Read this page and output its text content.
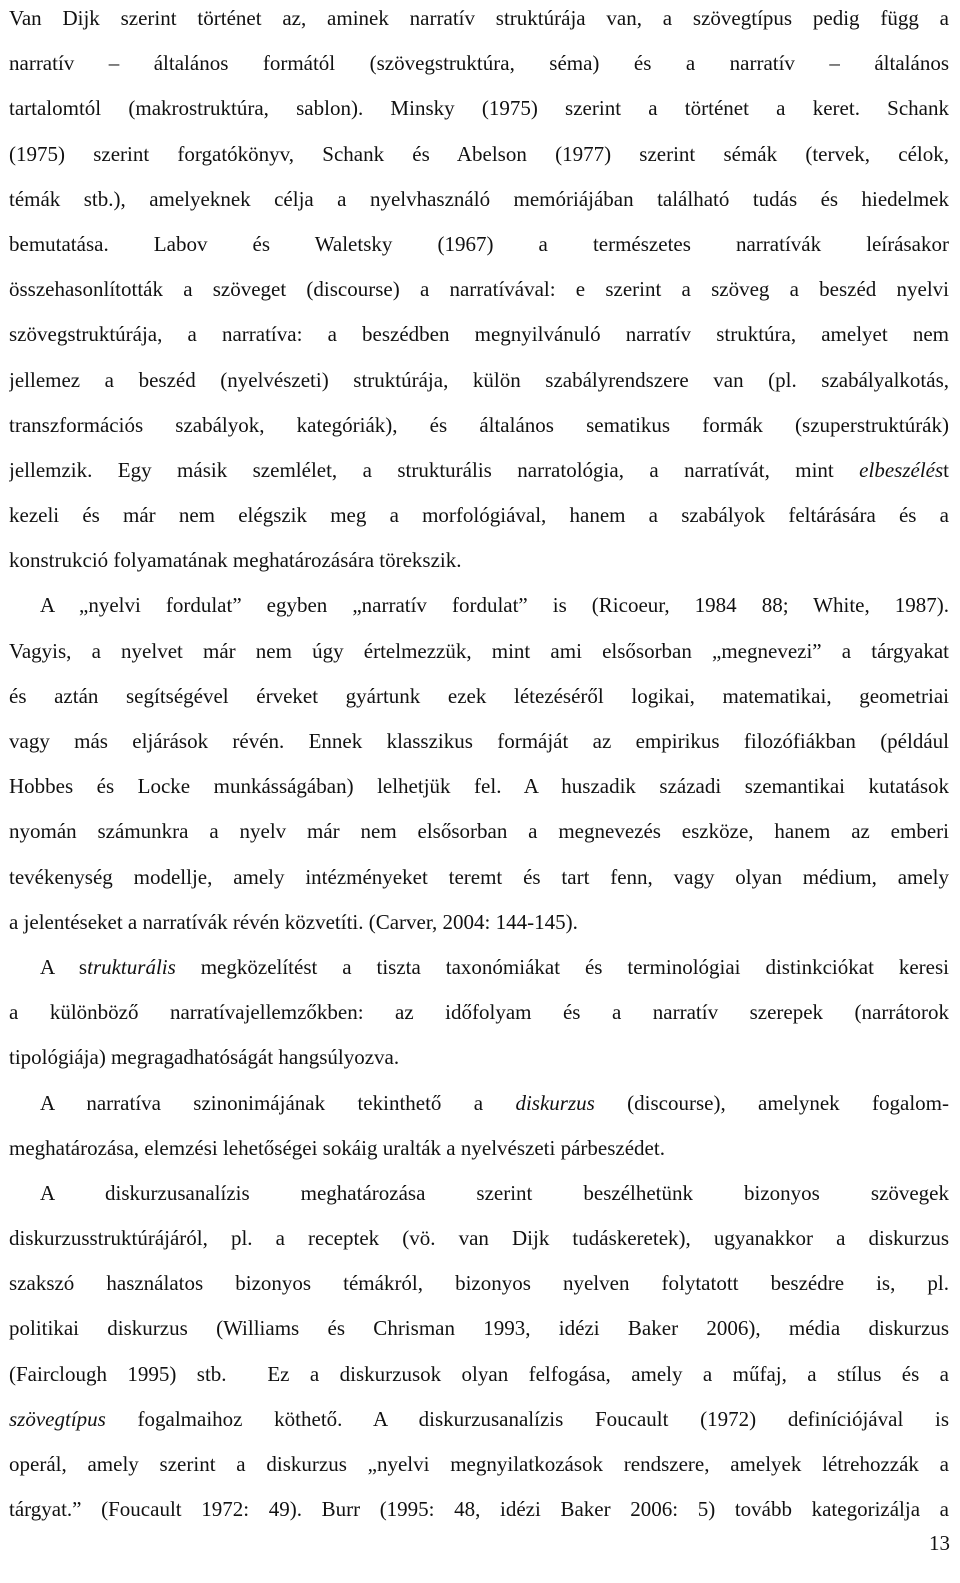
Van Dijk szerint történet az, aminek narratív struktúrája van, a szövegtípus pedig függ a
narratív – általános formától (szövegstruktúra, séma) és a narratív – általános
tartalomtól (makrostruktúra, sablon). Minsky (1975) szerint a történet a keret. Schank
(1975) szerint forgatókönyv, Schank és Abelson (1977) szerint sémák (tervek, célok,
témák stb.), amelyeknek célja a nyelvhasználó memóriájában található tudás és hiedelmek
bemutatása. Labov és Waletsky (1967) a természetes narratívák leírásakor
összehasonlították a szöveget (discourse) a narratívával: e szerint a szöveg a beszéd nyelvi
szövegstruktúrája, a narratíva: a beszédben megnyilvánuló narratív struktúra, amelyet nem
jellemez a beszéd (nyelvészeti) struktúrája, külön szabályrendszere van (pl. szabályalkotás,
transzformációs szabályok, kategóriák), és általános sematikus formák (szuperstruktúrák)
jellemzik. Egy másik szemlélet, a strukturális narratológia, a narratívát, mint elbeszélést
kezeli és már nem elégszik meg a morfológiával, hanem a szabályok feltárására és a
konstrukció folyamatának meghatározására törekszik.
A „nyelvi fordulat” egyben „narratív fordulat” is (Ricoeur, 1984 88; White, 1987).
Vagyis, a nyelvet már nem úgy értelmezzük, mint ami elsősorban „megnevezi” a tárgyakat
és aztán segítségével érveket gyártunk ezek létezéséről logikai, matematikai, geometriai
vagy más eljárások révén. Ennek klasszikus formáját az empirikus filozófiákban (például
Hobbes és Locke munkásságában) lelhetjük fel. A huszadik századi szemantikai kutatások
nyomán számunkra a nyelv már nem elsősorban a megnevezés eszköze, hanem az emberi
tevékenység modellje, amely intézményeket teremt és tart fenn, vagy olyan médium, amely
a jelentéseket a narratívák révén közvetíti. (Carver, 2004: 144-145).
A strukturális megközelítést a tiszta taxonómiákat és terminológiai distinkciókat keresi
a különböző narratívajellemzőkben: az időfolyam és a narratív szerepek (narrátorok
tipológiája) megragadhatóságát hangsúlyozva.
A narratíva szinonimájának tekinthető a diskurzus (discourse), amelynek fogalom-
meghatározása, elemzési lehetőségei sokáig uralták a nyelvészeti párbeszédet.
A diskurzusanalízis meghatározása szerint beszélhetünk bizonyos szövegek
diskurzusstruktúrájáról, pl. a receptek (vö. van Dijk tudáskeretek), ugyanakkor a diskurzus
szakszó használatos bizonyos témákról, bizonyos nyelven folytatott beszédre is, pl.
politikai diskurzus (Williams és Chrisman 1993, idézi Baker 2006), média diskurzus
(Fairclough 1995) stb.  Ez a diskurzusok olyan felfogása, amely a műfaj, a stílus és a
szövegtípus fogalmaihoz köthető. A diskurzusanalízis Foucault (1972) definíciójával is
operál, amely szerint a diskurzus „nyelvi megnyilatkozások rendszere, amelyek létrehozzák a
tárgyat.” (Foucault 1972: 49). Burr (1995: 48, idézi Baker 2006: 5) tovább kategorizálja a
13
